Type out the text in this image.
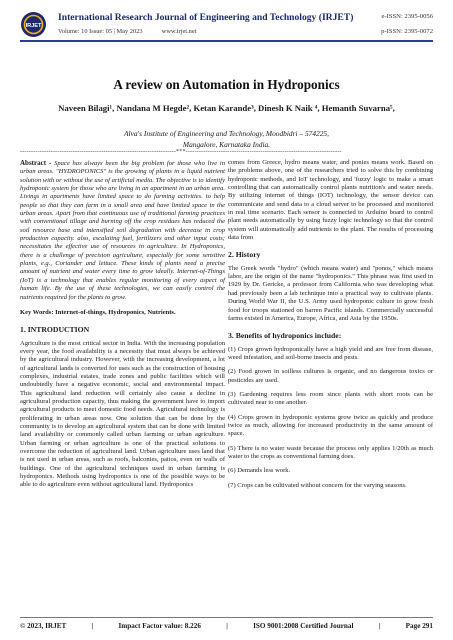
IRJET
International Research Journal of Engineering and Technology (IRJET)
Volume: 10 Issue: 05 | May 2023            www.irjet.net
e-ISSN: 2395-0056
p-ISSN: 2395-0072
A review on Automation in Hydroponics
Naveen Bilagi¹, Nandana M Hegde², Ketan Karande³, Dinesh K Naik ⁴, Hemanth Suvarna⁵,
Alva's Institute of Engineering and Technology, Moodbidri – 574225,
Mangalore, Karnataka India.
-----------------------------------------------------------------------***-----------------------------------------------------------------------
Abstract - Space has always been the big problem for those who live in urban areas. "HYDROPONICS" is the growing of plants in a liquid nutrient solution with or without the use of artificial media. The objective is to identify hydroponic system for those who are living in an apartment in an urban area. Livings in apartments have limited space to do farming activities. to help people so that they can farm in a small area and have limited space in the urban areas. Apart from that continuous use of traditional farming practices with conventional tillage and burning off the crop residues has reduced the soil resource base and intensified soil degradation with decrease in crop production capacity. also, escalating fuel, fertilizers and other input costs; necessitates the effective use of resources in agriculture. In Hydroponics, there is a challenge of precision agriculture, especially for some sensitive plants, e.g., Coriander and lettuce. These kinds of plants need a precise amount of nutrient and water every time to grow ideally. Internet-of-Things (IoT) is a technology that enables regular monitoring of every aspect of human life. By the use of these technologies, we can easily control the nutrients required for the plants to grow.
Key Words: Internet-of-things, Hydroponics, Nutrients.
1. INTRODUCTION

Agriculture is the most critical sector in India. With the increasing population every year, the food availability is a necessity that must always be achieved by the agricultural industry. However, with the increasing development, a lot of agricultural lands is converted for uses such as the construction of housing complexes, industrial estates, trade zones and public facilities which will undoubtedly have a negative economic, social and environmental impact. This agricultural land reduction will certainly also cause a decline in agricultural production capacity, thus making the government have to import agricultural products to meet domestic food needs. Agricultural technology is proliferating in urban areas now. One solution that can be done by the community is to develop an agricultural system that can be done with limited land availability or commonly called urban farming or urban agriculture. Urban farming or urban agriculture is one of the practical solutions to overcome the reduction of agricultural land. Urban agriculture uses land that is not used in urban areas, such as roofs, balconies, patios, even on walls of buildings. One of the agricultural techniques used in urban farming is hydroponics. Methods using hydroponics is one of the possible ways to be able to do agriculture even without agricultural land. Hydroponics

comes from Greece, hydro means water, and ponies means work. Based on the problems above, one of the researchers tried to solve this by combining hydroponic methods, and IoT technology, and 'fuzzy' logic to make a smart controlling that can automatically control plants nutrition's and water needs. By utilizing internet of things (IOT) technology, the sensor device can communicate and send data to a cloud server to be processed and monitored in real time scenario. Each sensor is connected to Arduino board to control plant needs automatically by using fuzzy logic technology so that the control system will automatically add nutrients to the plant. The results of processing data from

2. History

The Greek words "hydro" (which means water) and "ponos," which means labor, are the origin of the name "hydroponics." This phrase was first used in 1929 by Dr. Gericke, a professor from California who was developing what had previously been a lab technique into a practical way to cultivate plants. During World War II, the U.S. Army used hydroponic culture to grow fresh food for troops stationed on barren Pacific islands. Commercially successful farms existed in America, Europe, Africa, and Asia by the 1950s.

3. Benefits of hydroponics include:

(1) Crops grown hydroponically have a high yield and are free from disease, weed infestation, and soil-borne insects and pests.

(2) Food grown in soilless cultures is organic, and no dangerous toxics or pesticides are used.

(3) Gardening requires less room since plants with short roots can be cultivated near to one another.

(4) Crops grown in hydroponic systems grow twice as quickly and produce twice as much, allowing for increased productivity in the same amount of space.

(5) There is no water waste because the process only applies 1/20th as much water to the crops as conventional farming does.

(6) Demands less work.

(7) Crops can be cultivated without concern for the varying seasons.

© 2023, IRJET	|	Impact Factor value: 8.226	|	ISO 9001:2008 Certified Journal	|	Page 291
